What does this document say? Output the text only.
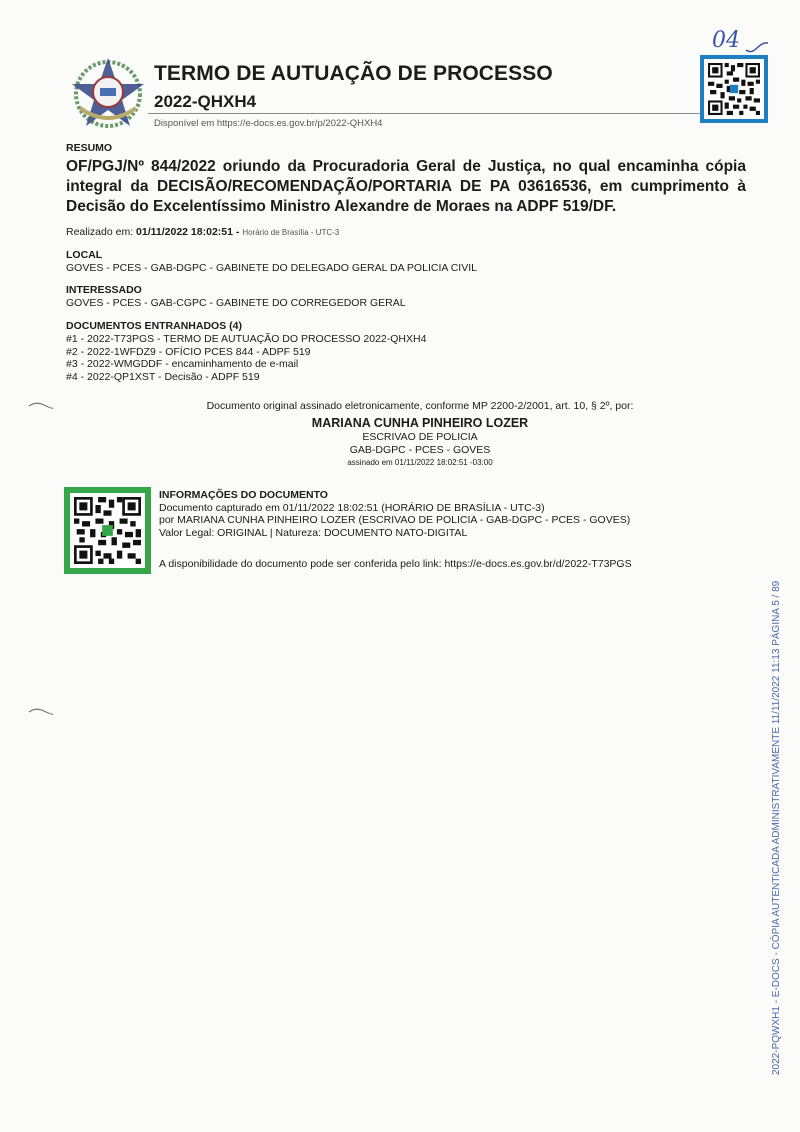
TERMO DE AUTUAÇÃO DE PROCESSO
2022-QHXH4
Disponível em https://e-docs.es.gov.br/p/2022-QHXH4
04
RESUMO
OF/PGJ/Nº 844/2022 oriundo da Procuradoria Geral de Justiça, no qual encaminha cópia integral da DECISÃO/RECOMENDAÇÃO/PORTARIA DE PA 03616536, em cumprimento à Decisão do Excelentíssimo Ministro Alexandre de Moraes na ADPF 519/DF.
Realizado em: 01/11/2022 18:02:51 - Horário de Brasília - UTC-3
LOCAL
GOVES - PCES - GAB-DGPC - GABINETE DO DELEGADO GERAL DA POLICIA CIVIL
INTERESSADO
GOVES - PCES - GAB-CGPC - GABINETE DO CORREGEDOR GERAL
DOCUMENTOS ENTRANHADOS (4)
#1 - 2022-T73PGS - TERMO DE AUTUAÇÃO DO PROCESSO 2022-QHXH4
#2 - 2022-1WFDZ9 - OFÍCIO PCES 844 - ADPF 519
#3 - 2022-WMGDDF - encaminhamento de e-mail
#4 - 2022-QP1XST - Decisão - ADPF 519
Documento original assinado eletronicamente, conforme MP 2200-2/2001, art. 10, § 2º, por:
MARIANA CUNHA PINHEIRO LOZER
ESCRIVAO DE POLICIA
GAB-DGPC - PCES - GOVES
assinado em 01/11/2022 18:02:51 -03:00
INFORMAÇÕES DO DOCUMENTO
Documento capturado em 01/11/2022 18:02:51 (HORÁRIO DE BRASÍLIA - UTC-3)
por MARIANA CUNHA PINHEIRO LOZER (ESCRIVAO DE POLICIA - GAB-DGPC - PCES - GOVES)
Valor Legal: ORIGINAL | Natureza: DOCUMENTO NATO-DIGITAL
A disponibilidade do documento pode ser conferida pelo link: https://e-docs.es.gov.br/d/2022-T73PGS
2022-PQWXH1 - E-DOCS - CÓPIA AUTENTICADA ADMINISTRATIVAMENTE 11/11/2022 11:13 PÁGINA 5 / 89
